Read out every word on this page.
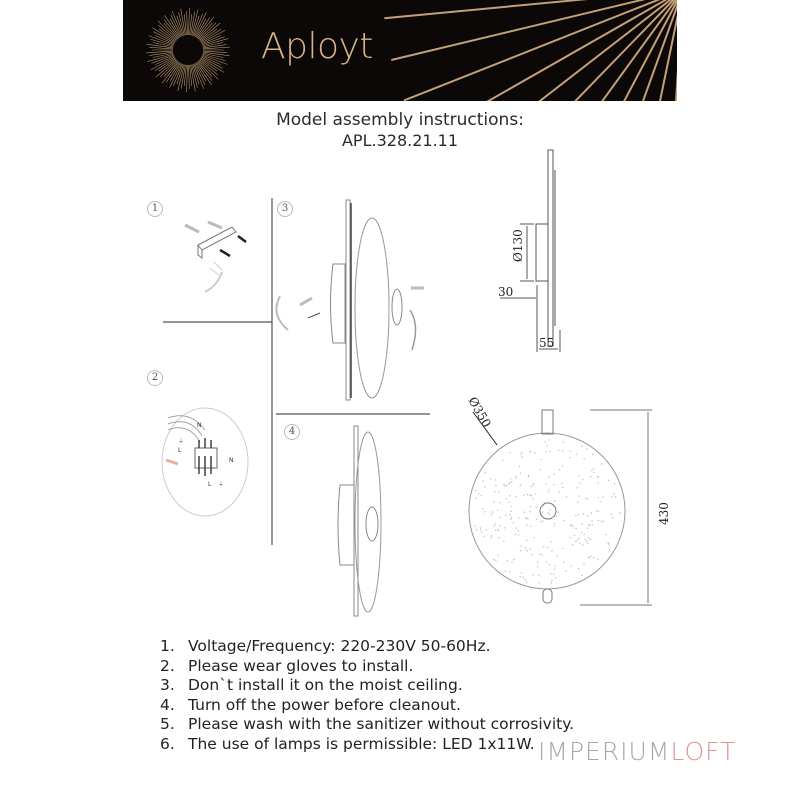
Aployt
Model assembly instructions:
APL.328.21.11
N
⏚
L
N
L ⏚
Ø130
30
55
Ø350
430
1
2
3
4
1. Voltage/Frequency: 220-230V 50-60Hz.
2. Please wear gloves to install.
3. Don`t install it on the moist ceiling.
4. Turn off the power before cleanout.
5. Please wash with the sanitizer without corrosivity.
6. The use of lamps is permissible: LED 1x11W. IMPERIUMLOFT
